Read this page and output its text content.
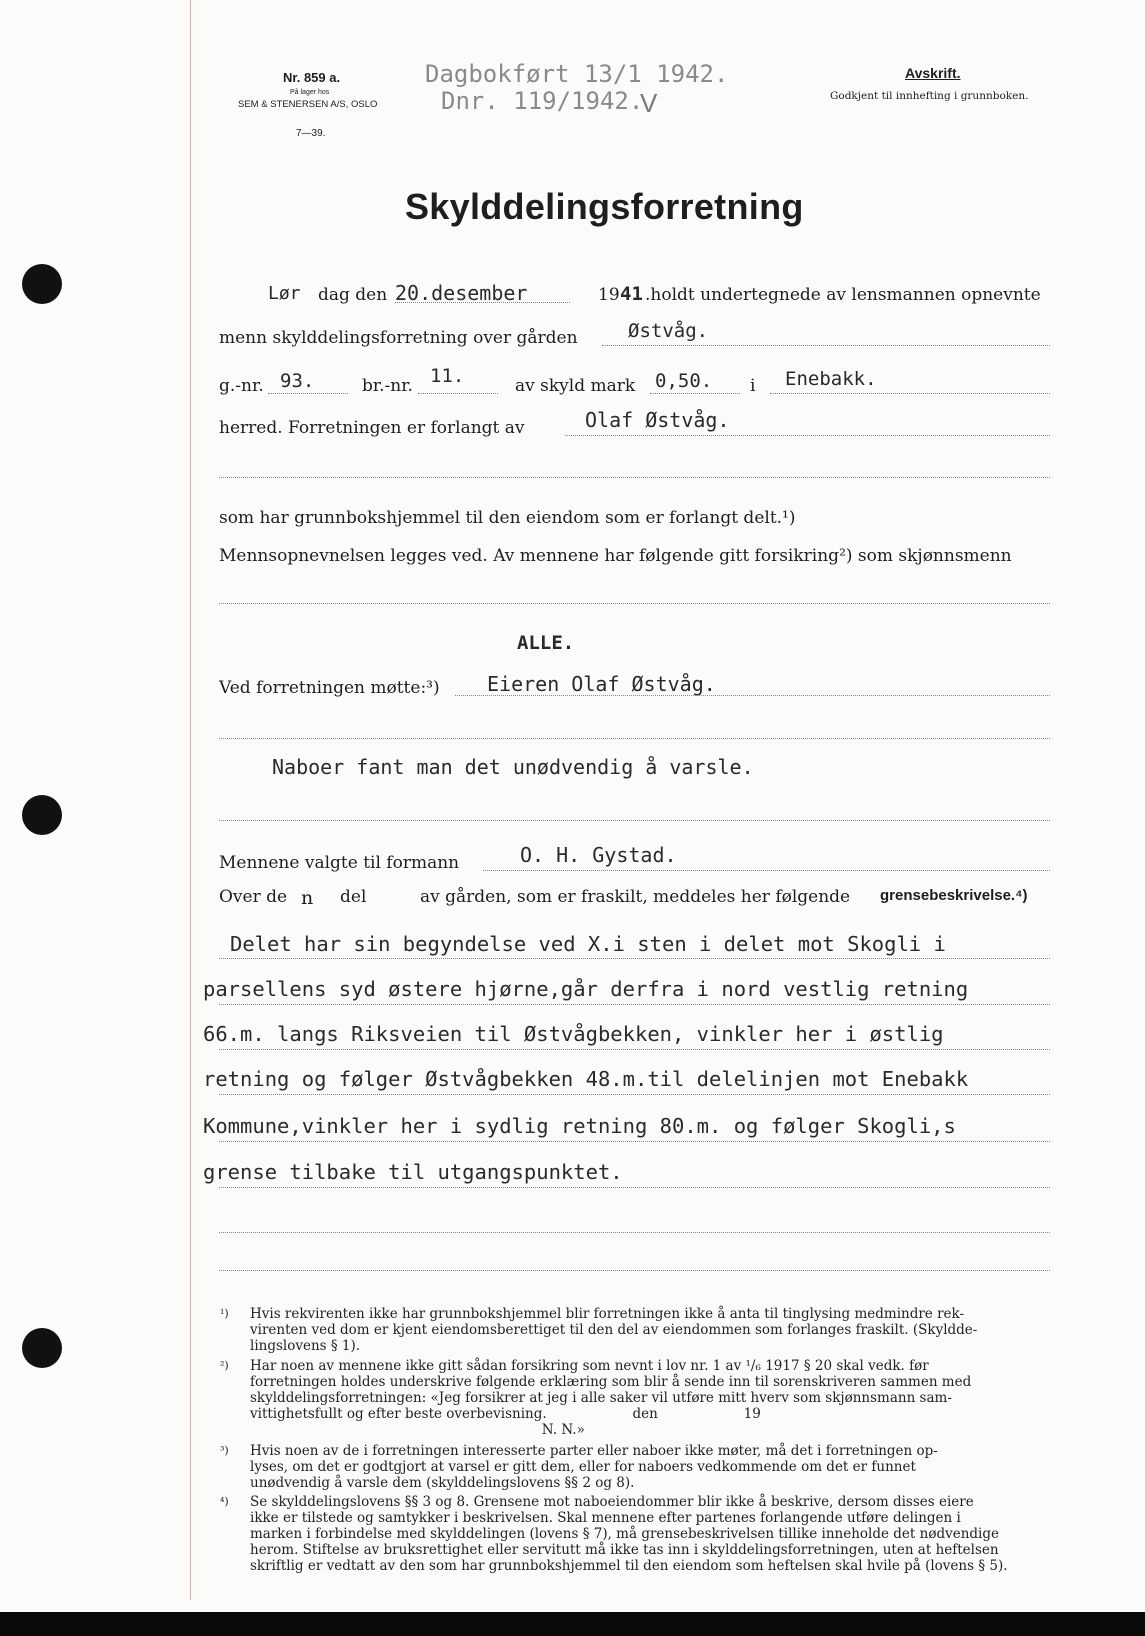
Nr. 859 a.
På lager hos
SEM & STENERSEN A/S, OSLO
7—39.
Dagbokført 13/1 1942.
Dnr. 119/1942.
V
Avskrift.
Godkjent til innhefting i grunnboken.
Skylddelingsforretning
Lør dag den 20.desember	19 41 .holdt undertegnede av lensmannen opnevnte
menn skylddelingsforretning over gården	Østvåg.
g.-nr. 93.	br.-nr. 11.	av skyld mark 0,50. i Enebakk.
herred. Forretningen er forlangt av	Olaf Østvåg.
som har grunnbokshjemmel til den eiendom som er forlangt delt.¹)
Mennsopnevnelsen legges ved. Av mennene har følgende gitt forsikring²) som skjønnsmenn
ALLE.
Ved forretningen møtte:³) Eieren Olaf Østvåg.
Naboer fant man det unødvendig å varsle.
Mennene valgte til formann	O. H. Gystad.
Over de n del	av gården, som er fraskilt, meddeles her følgende grensebeskrivelse.⁴)
Delet har sin begyndelse ved X.i sten i delet mot Skogli i
parsellens syd østere hjørne,går derfra i nord vestlig retning
66.m. langs Riksveien til Østvågbekken, vinkler her i østlig
retning og følger Østvågbekken 48.m.til delelinjen mot Enebakk
Kommune,vinkler her i sydlig retning 80.m. og følger Skogli,s
grense tilbake til utgangspunktet.
¹) Hvis rekvirenten ikke har grunnbokshjemmel blir forretningen ikke å anta til tinglysing medmindre rek-
virenten ved dom er kjent eiendomsberettiget til den del av eiendommen som forlanges fraskilt. (Skyldde-
lingslovens § 1).
²) Har noen av mennene ikke gitt sådan forsikring som nevnt i lov nr. 1 av ¹/₆ 1917 § 20 skal vedk. før
forretningen holdes underskrive følgende erklæring som blir å sende inn til sorenskriveren sammen med
skylddelingsforretningen: «Jeg forsikrer at jeg i alle saker vil utføre mitt hverv som skjønnsmann sam-
vittighetsfullt og efter beste overbevisning.                    den                    19
N. N.»
³) Hvis noen av de i forretningen interesserte parter eller naboer ikke møter, må det i forretningen op-
lyses, om det er godtgjort at varsel er gitt dem, eller for naboers vedkommende om det er funnet
unødvendig å varsle dem (skylddelingslovens §§ 2 og 8).
⁴) Se skylddelingslovens §§ 3 og 8. Grensene mot naboeiendommer blir ikke å beskrive, dersom disses eiere
ikke er tilstede og samtykker i beskrivelsen. Skal mennene efter partenes forlangende utføre delingen i
marken i forbindelse med skylddelingen (lovens § 7), må grensebeskrivelsen tillike inneholde det nødvendige
herom. Stiftelse av bruksrettighet eller servitutt må ikke tas inn i skylddelingsforretningen, uten at heftelsen
skriftlig er vedtatt av den som har grunnbokshjemmel til den eiendom som heftelsen skal hvile på (lovens § 5).
